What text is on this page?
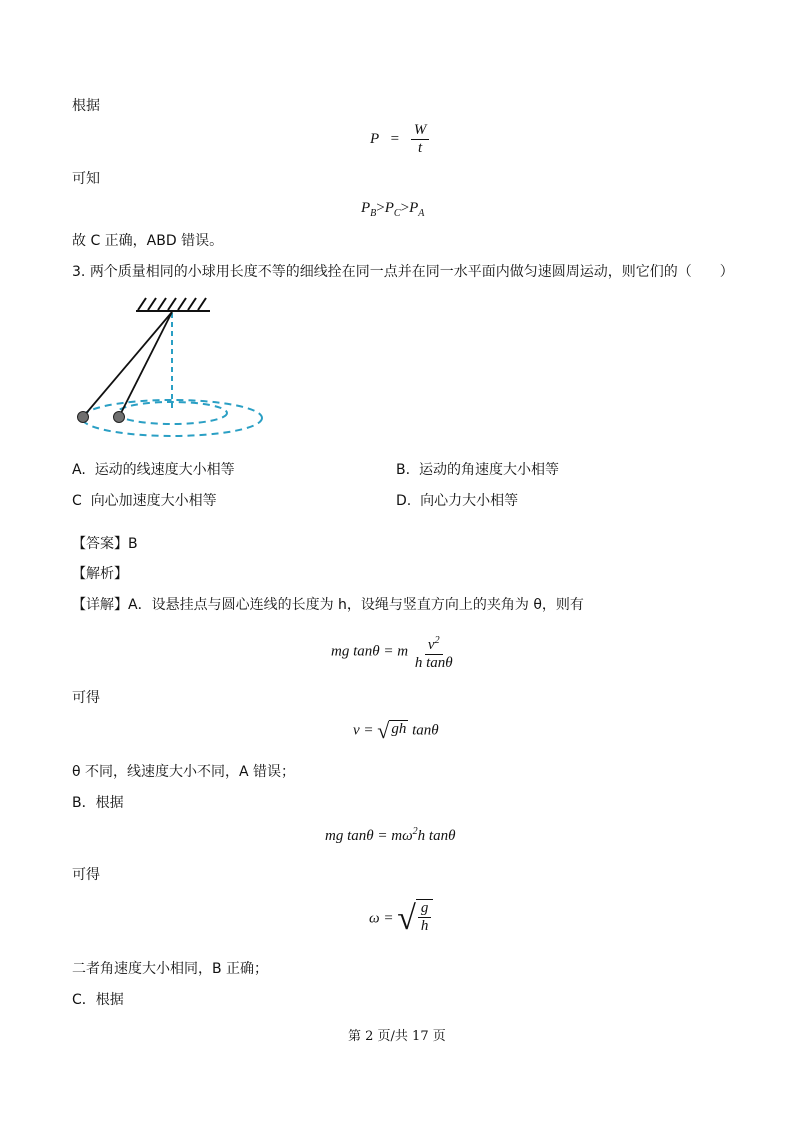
根据
$P = \frac{W}{t}$
可知
$P_B>P_C>P_A$
故 C 正确，ABD 错误。
3. 两个质量相同的小球用长度不等的细线拴在同一点并在同一水平面内做匀速圆周运动，则它们的（　　）
A. 运动的线速度大小相等	B. 运动的角速度大小相等
C 向心加速度大小相等	D. 向心力大小相等
【答案】B
【解析】
【详解】A．设悬挂点与圆心连线的长度为 h，设绳与竖直方向上的夹角为 θ，则有
mg tanθ = m $\frac{v^2}{\text{h tanθ}}$
可得
v = √ gh tanθ
θ 不同，线速度大小不同，A 错误；
B．根据
mg $\tan\theta = m\omega^2h$ tanθ
可得
ω = √ $\frac{g}{h}$
二者角速度大小相同，B 正确；
C．根据
第 2 页/共 17 页
